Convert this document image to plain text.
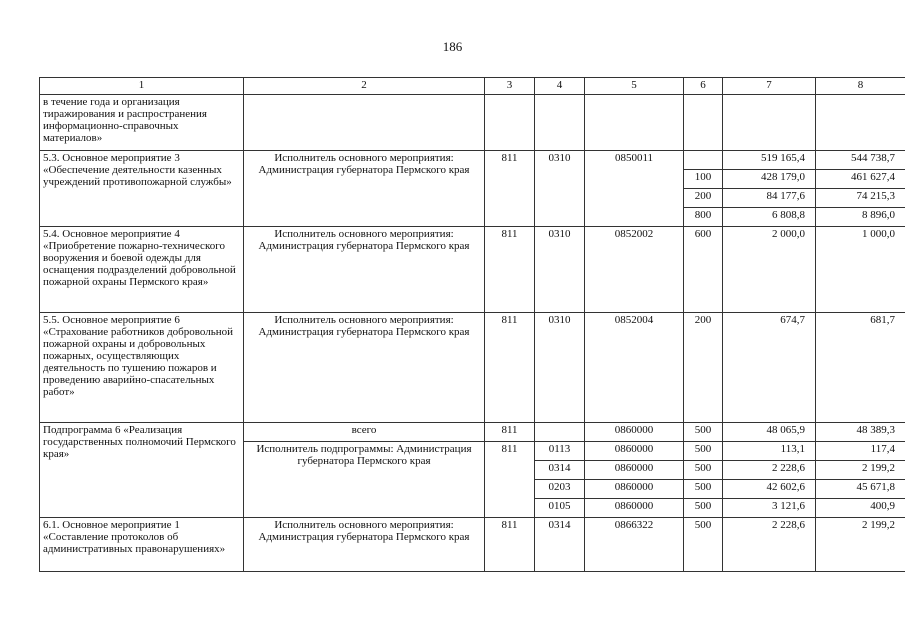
186
1	2	3	4	5	6	7	8
в течение года и организация тиражирования и распространения информационно-справочных материалов»							
5.3. Основное мероприятие 3 «Обеспечение деятельности казенных учреждений противопожарной службы»	Исполнитель основного мероприятия: Администрация губернатора Пермского края	811	0310	0850011		519 165,4	544 738,7
					100	428 179,0	461 627,4
					200	84 177,6	74 215,3
					800	6 808,8	8 896,0
5.4. Основное мероприятие 4 «Приобретение пожарно-технического вооружения и боевой одежды для оснащения подразделений добровольной пожарной охраны Пермского края»	Исполнитель основного мероприятия: Администрация губернатора Пермского края	811	0310	0852002	600	2 000,0	1 000,0
5.5. Основное мероприятие 6 «Страхование работников добровольной пожарной охраны и добровольных пожарных, осуществляющих деятельность по тушению пожаров и проведению аварийно-спасательных работ»	Исполнитель основного мероприятия: Администрация губернатора Пермского края	811	0310	0852004	200	674,7	681,7
Подпрограмма 6 «Реализация государственных полномочий Пермского края»	всего	811		0860000	500	48 065,9	48 389,3
	Исполнитель подпрограммы: Администрация губернатора Пермского края	811	0113	0860000	500	113,1	117,4
			0314	0860000	500	2 228,6	2 199,2
			0203	0860000	500	42 602,6	45 671,8
			0105	0860000	500	3 121,6	400,9
6.1. Основное мероприятие 1 «Составление протоколов об административных правонарушениях»	Исполнитель основного мероприятия: Администрация губернатора Пермского края	811	0314	0866322	500	2 228,6	2 199,2
